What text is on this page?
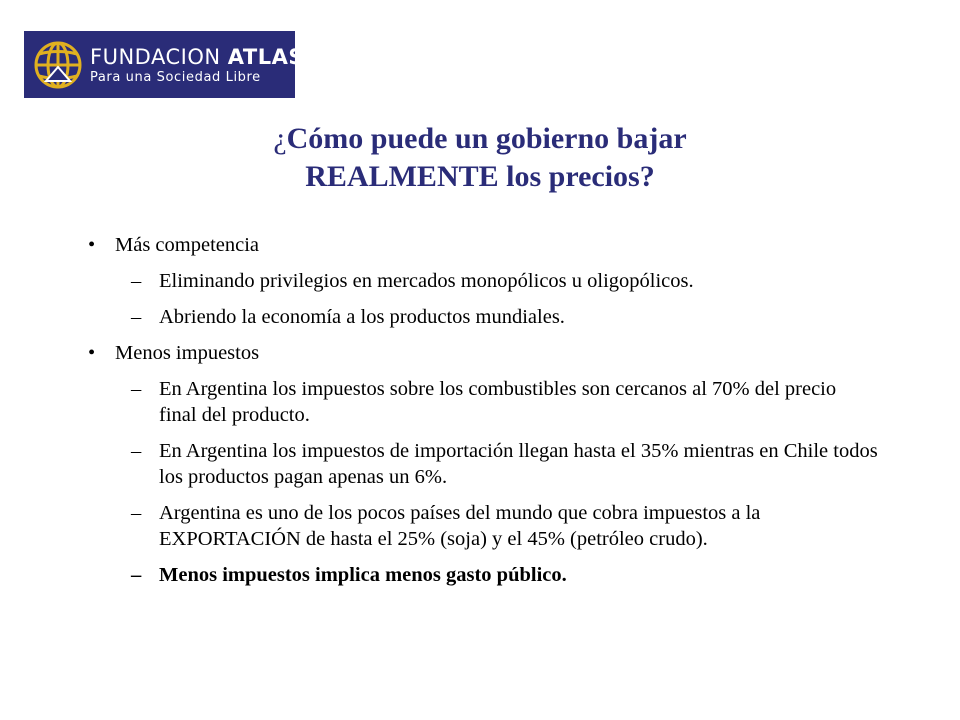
FUNDACION ATLAS
Para una Sociedad Libre
¿Cómo puede un gobierno bajar
REALMENTE los precios?
• Más competencia
– Eliminando privilegios en mercados monopólicos u oligopólicos.
– Abriendo la economía a los productos mundiales.
• Menos impuestos
– En Argentina los impuestos sobre los combustibles son cercanos al 70% del precio final del producto.
– En Argentina los impuestos de importación llegan hasta el 35% mientras en Chile todos los productos pagan apenas un 6%.
– Argentina es uno de los pocos países del mundo que cobra impuestos a la EXPORTACIÓN de hasta el 25% (soja) y el 45% (petróleo crudo).
– Menos impuestos implica menos gasto público.
